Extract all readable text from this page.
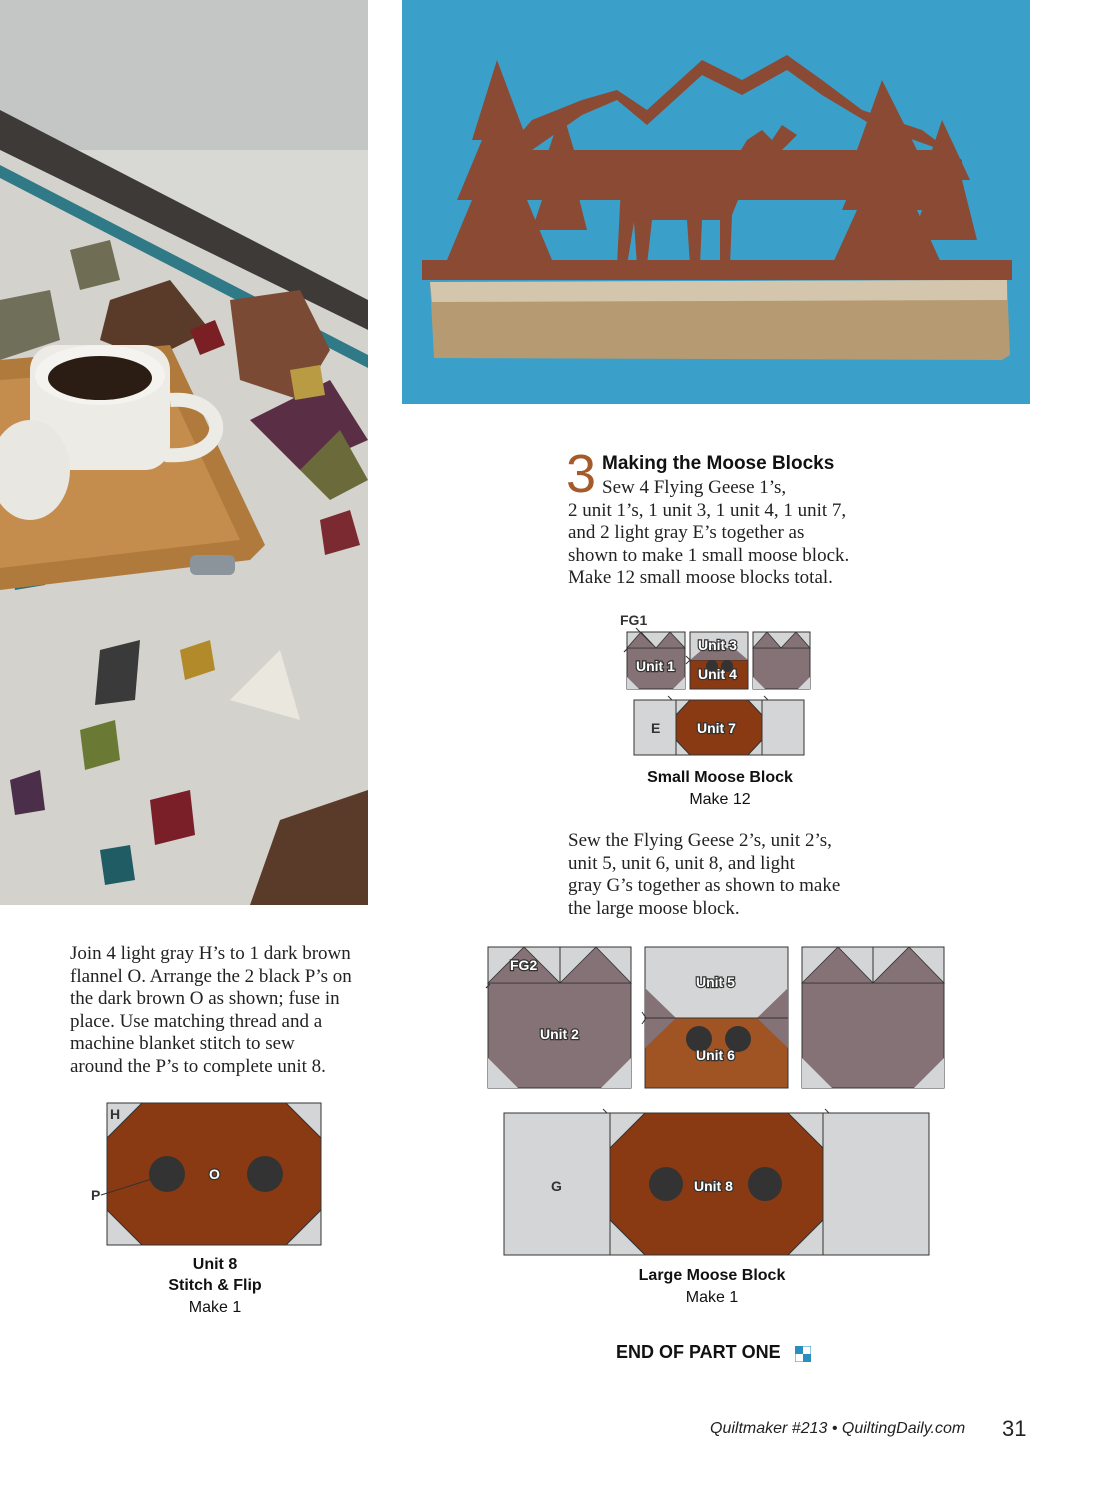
3 Making the Moose Blocks
Sew 4 Flying Geese 1’s,
2 unit 1’s, 1 unit 3, 1 unit 4, 1 unit 7,
and 2 light gray E’s together as
shown to make 1 small moose block.
Make 12 small moose blocks total.
FG1
Unit 1
Unit 3
Unit 4
E	Unit 7
Small Moose Block
Make 12
Sew the Flying Geese 2’s, unit 2’s,
unit 5, unit 6, unit 8, and light
gray G’s together as shown to make
the large moose block.
FG2
Unit 2
Unit 5
Unit 6
G	Unit 8
Large Moose Block
Make 1
Join 4 light gray H’s to 1 dark brown
flannel O. Arrange the 2 black P’s on
the dark brown O as shown; fuse in
place. Use matching thread and a
machine blanket stitch to sew
around the P’s to complete unit 8.
H
O
P
Unit 8
Stitch & Flip
Make 1
END OF PART ONE
Quiltmaker #213 • QuiltingDaily.com 31
